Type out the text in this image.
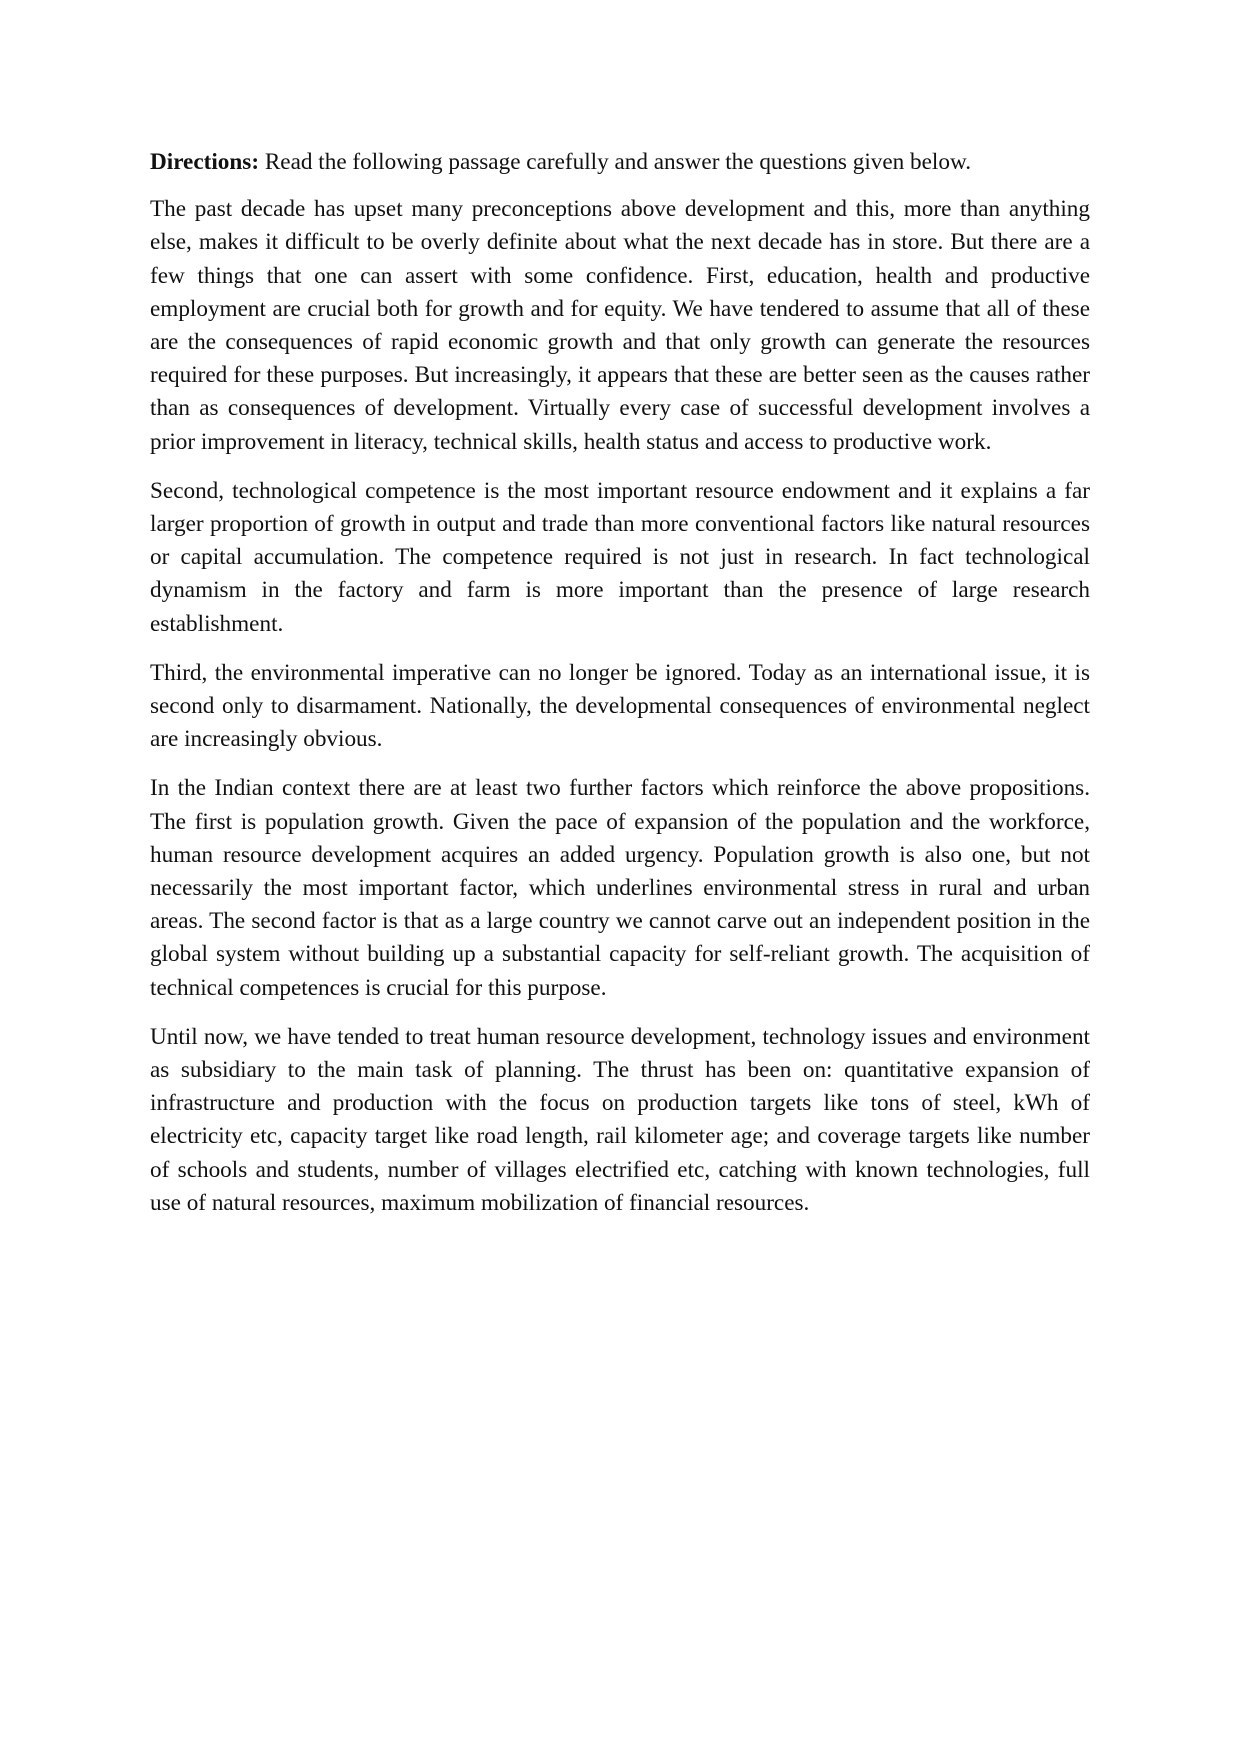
Directions: Read the following passage carefully and answer the questions given below.

The past decade has upset many preconceptions above development and this, more than anything else, makes it difficult to be overly definite about what the next decade has in store. But there are a few things that one can assert with some confidence. First, education, health and productive employment are crucial both for growth and for equity. We have tendered to assume that all of these are the consequences of rapid economic growth and that only growth can generate the resources required for these purposes. But increasingly, it appears that these are better seen as the causes rather than as consequences of development. Virtually every case of successful development involves a prior improvement in literacy, technical skills, health status and access to productive work.

Second, technological competence is the most important resource endowment and it explains a far larger proportion of growth in output and trade than more conventional factors like natural resources or capital accumulation. The competence required is not just in research. In fact technological dynamism in the factory and farm is more important than the presence of large research establishment.

Third, the environmental imperative can no longer be ignored. Today as an international issue, it is second only to disarmament. Nationally, the developmental consequences of environmental neglect are increasingly obvious.

In the Indian context there are at least two further factors which reinforce the above propositions. The first is population growth. Given the pace of expansion of the population and the workforce, human resource development acquires an added urgency. Population growth is also one, but not necessarily the most important factor, which underlines environmental stress in rural and urban areas. The second factor is that as a large country we cannot carve out an independent position in the global system without building up a substantial capacity for self-reliant growth. The acquisition of technical competences is crucial for this purpose.

Until now, we have tended to treat human resource development, technology issues and environment as subsidiary to the main task of planning. The thrust has been on: quantitative expansion of infrastructure and production with the focus on production targets like tons of steel, kWh of electricity etc, capacity target like road length, rail kilometer age; and coverage targets like number of schools and students, number of villages electrified etc, catching with known technologies, full use of natural resources, maximum mobilization of financial resources.
